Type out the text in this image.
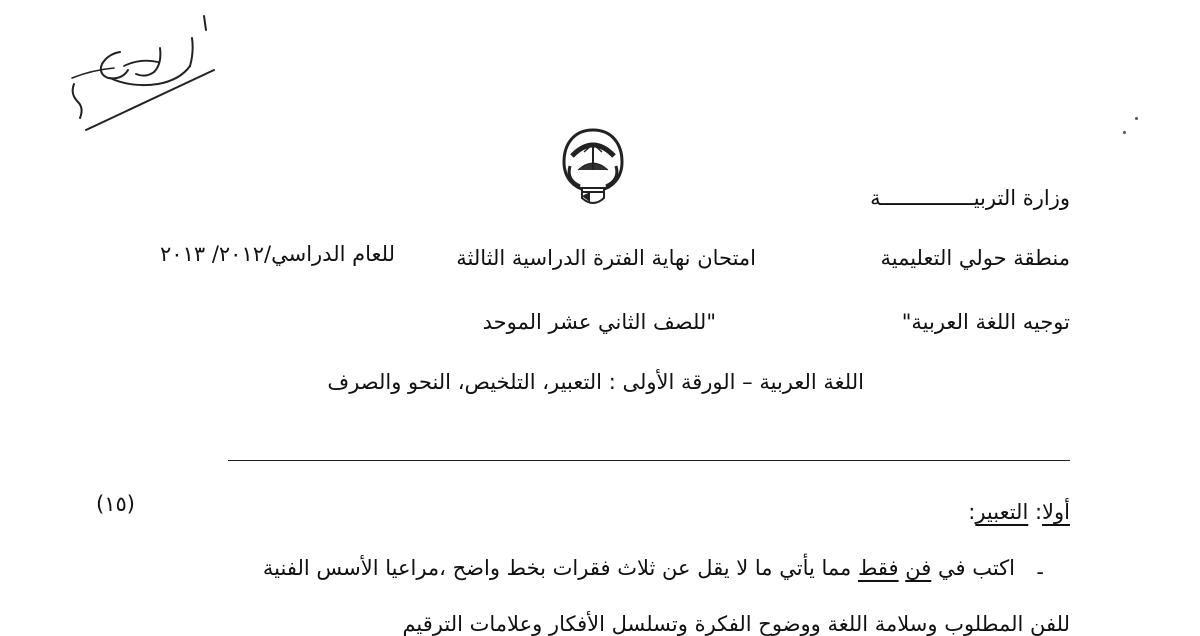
وزارة التربيـــــــــــــــة
منطقة حولي التعليمية
امتحان نهاية الفترة الدراسية الثالثة
للعام الدراسي/٢٠١٢/ ٢٠١٣
توجيه اللغة العربية"
"للصف الثاني عشر الموحد
اللغة العربية – الورقة الأولى : التعبير، التلخيص، النحو والصرف
أولا: التعبير:
(١٥)
-
اكتب في فن فقط مما يأتي ما لا يقل عن ثلاث فقرات بخط واضح ،مراعيا الأسس الفنية
للفن المطلوب وسلامة اللغة ووضوح الفكرة وتسلسل الأفكار وعلامات الترقيم
